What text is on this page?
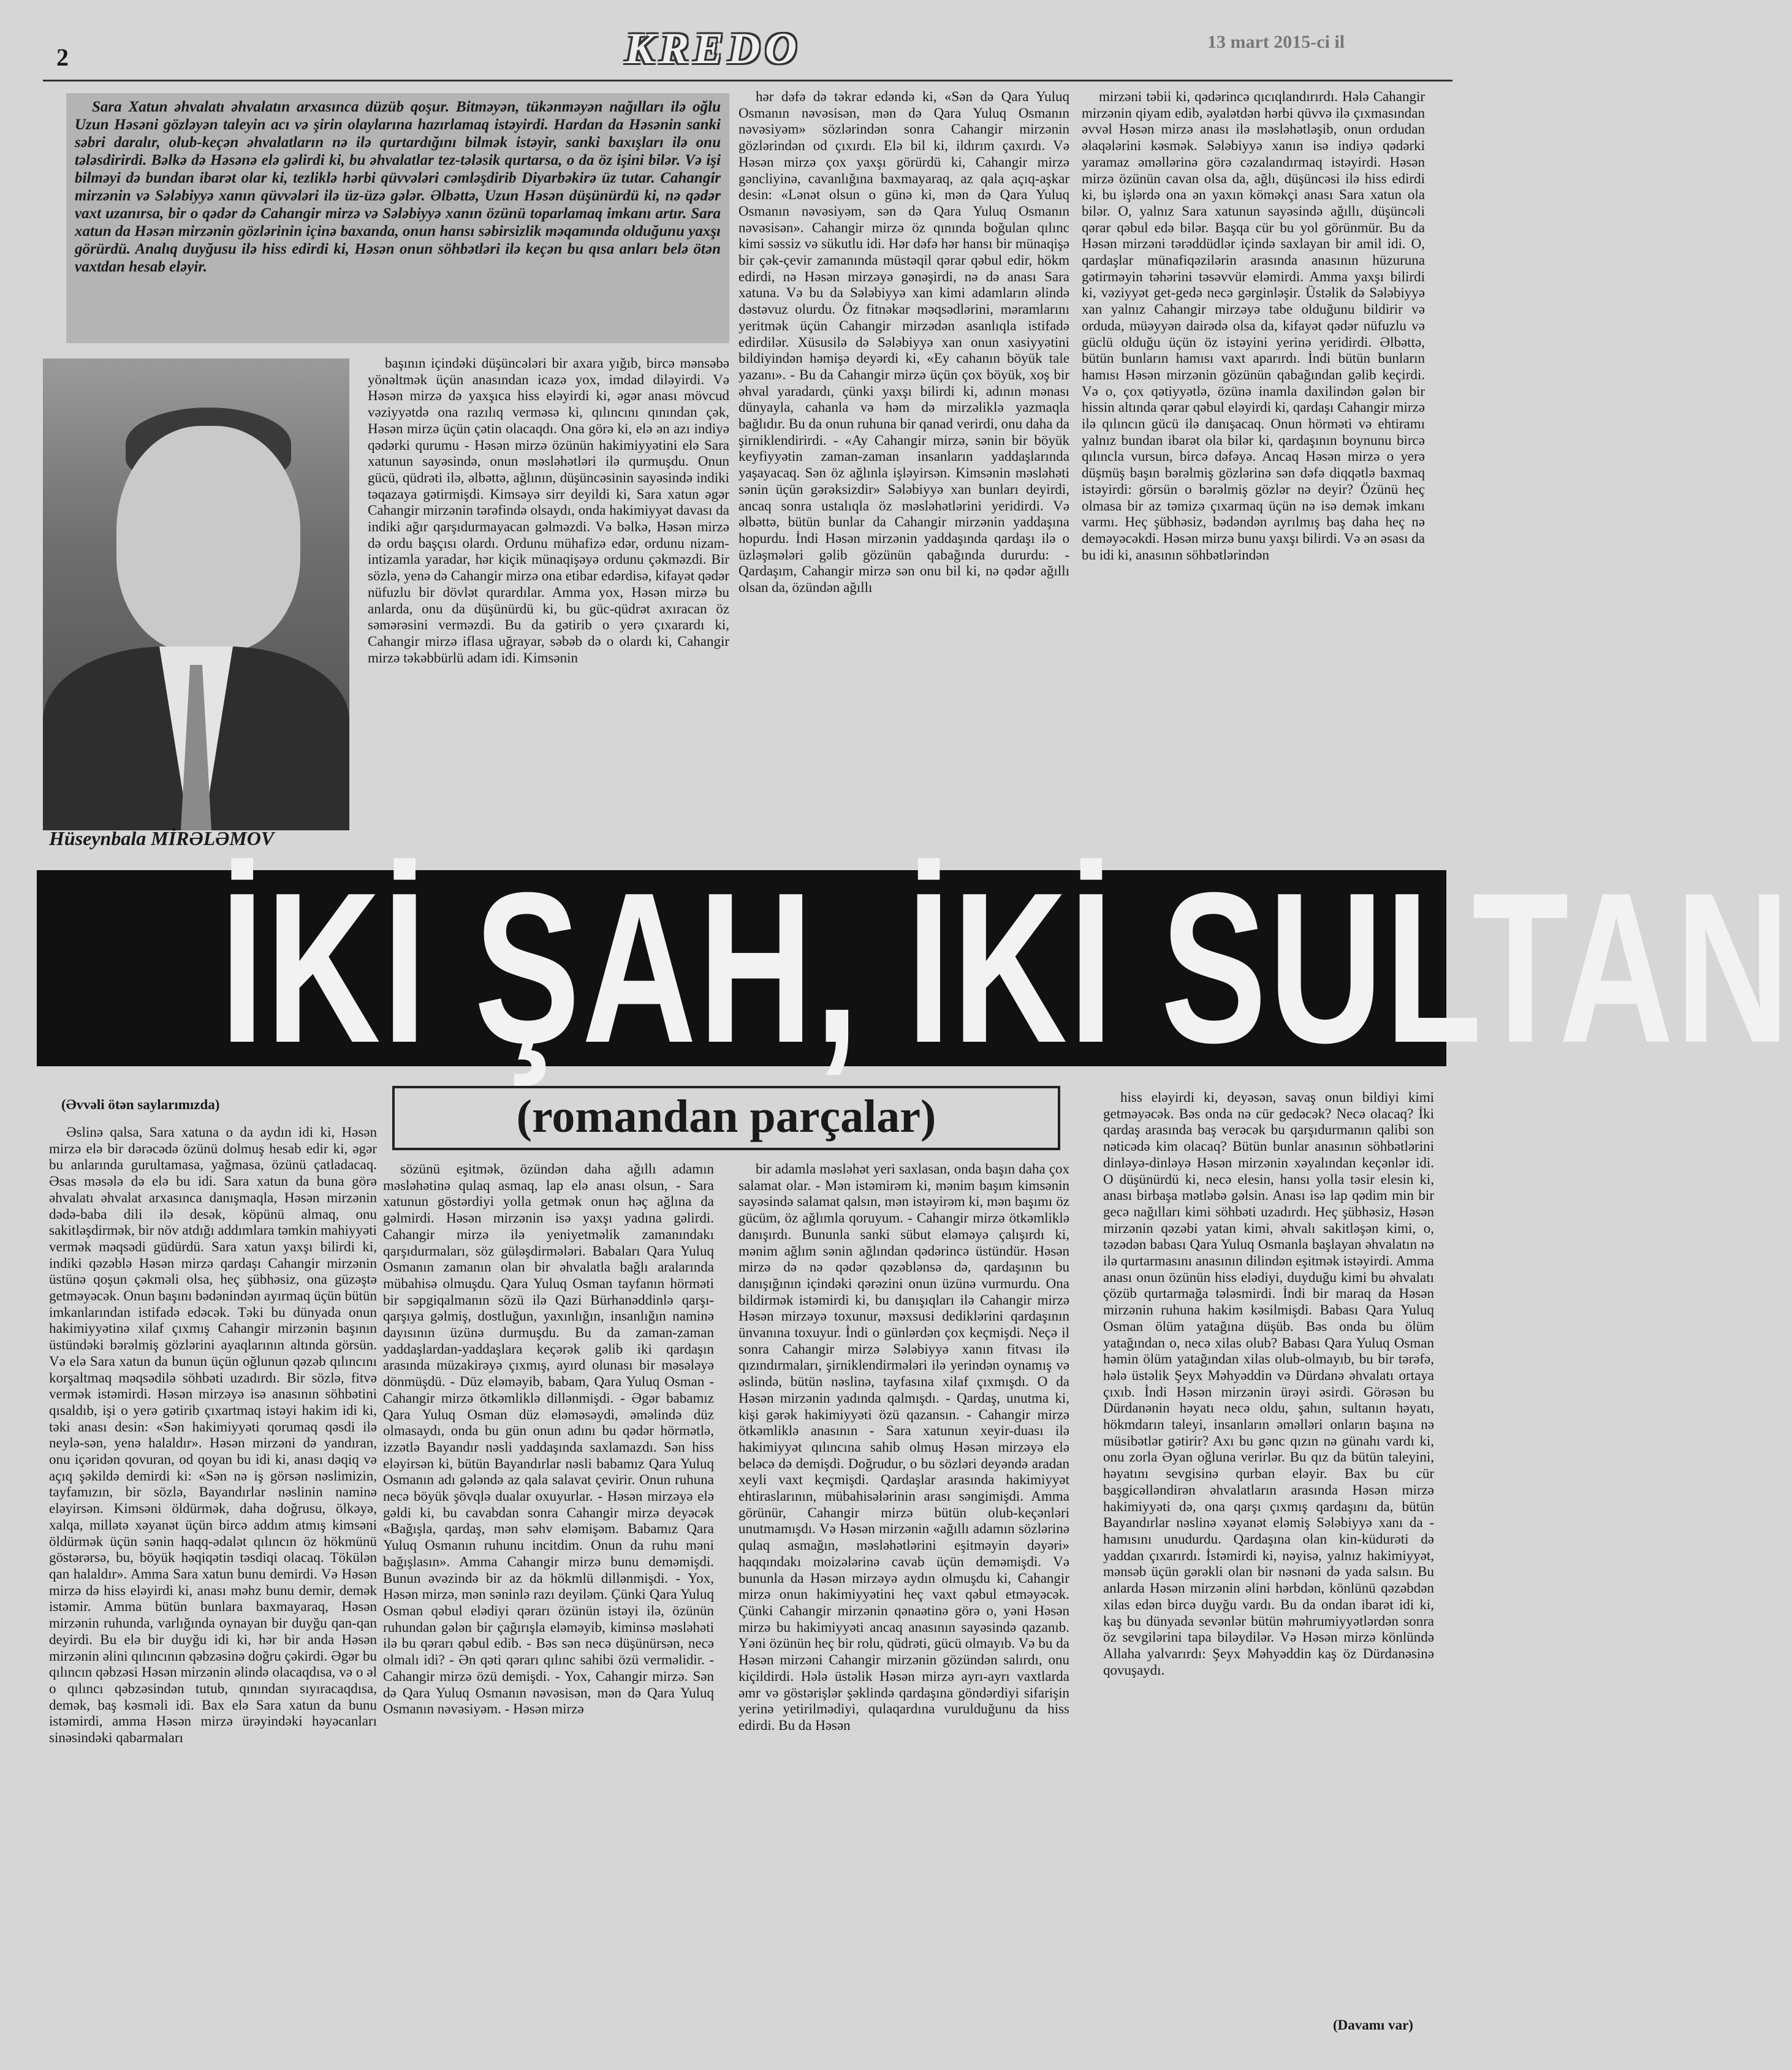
2	KREDO	13 mart 2015-ci il

Sara Xatun əhvalatı əhvalatın arxasınca düzüb qoşur. Bitməyən, tükənməyən nağılları ilə oğlu Uzun Həsəni gözləyən taleyin acı və şirin olaylarına hazırlamaq istəyirdi. Hardan da Həsənin sanki səbri daralır, olub-keçən əhvalatların nə ilə qurtardığını bilmək istəyir, sanki baxışları ilə onu tələsdirirdi. Bəlkə də Həsənə elə gəlirdi ki, bu əhvalatlar tez-tələsik qurtarsa, o da öz işini bilər. Və işi bilməyi də bundan ibarət olar ki, tezliklə hərbi qüvvələri cəmləşdirib Diyarbəkirə üz tutar. Cahangir mirzənin və Sələbiyyə xanın qüvvələri ilə üz-üzə gələr. Əlbəttə, Uzun Həsən düşünürdü ki, nə qədər vaxt uzanırsa, bir o qədər də Cahangir mirzə və Sələbiyyə xanın özünü toparlamaq imkanı artır. Sara xatun da Həsən mirzənin gözlərinin içinə baxanda, onun hansı səbirsizlik məqamında olduğunu yaxşı görürdü. Analıq duyğusu ilə hiss edirdi ki, Həsən onun söhbətləri ilə keçən bu qısa anları belə ötən vaxtdan hesab eləyir.

Hüseynbala MİRƏLƏMOV

başının içindəki düşüncələri bir axara yığıb, bircə mənsəbə yönəltmək üçün anasından icazə yox, imdad diləyirdi. Və Həsən mirzə də yaxşıca hiss eləyirdi ki, əgər anası mövcud vəziyyətdə ona razılıq verməsə ki, qılıncını qınından çək, Həsən mirzə üçün çətin olacaqdı. Ona görə ki, elə ən azı indiyə qədərki qurumu - Həsən mirzə özünün hakimiyyətini elə Sara xatunun sayəsində, onun məsləhətləri ilə qurmuşdu. Onun gücü, qüdrəti ilə, əlbəttə, ağlının, düşüncəsinin sayəsində indiki təqazaya gətirmişdi. Kimsəyə sirr deyildi ki, Sara xatun əgər Cahangir mirzənin tərəfində olsaydı, onda hakimiyyət davası da indiki ağır qarşıdurmayacan gəlməzdi. Və bəlkə, Həsən mirzə də ordu başçısı olardı. Ordunu mühafizə edər, ordunu nizam-intizamla yaradar, hər kiçik münaqişəyə ordunu çəkməzdi. Bir sözlə, yenə də Cahangir mirzə ona etibar edərdisə, kifayət qədər nüfuzlu bir dövlət qurardılar. Amma yox, Həsən mirzə bu anlarda, onu da düşünürdü ki, bu güc-qüdrət axıracan öz səmərəsini verməzdi. Bu da gətirib o yerə çıxarardı ki, Cahangir mirzə iflasa uğrayar, səbəb də o olardı ki, Cahangir mirzə təkəbbürlü adam idi. Kimsənin

hər dəfə də təkrar edəndə ki, «Sən də Qara Yuluq Osmanın nəvəsisən, mən də Qara Yuluq Osmanın nəvəsiyəm» sözlərindən sonra Cahangir mirzənin gözlərindən od çıxırdı. Elə bil ki, ildırım çaxırdı. Və Həsən mirzə çox yaxşı görürdü ki, Cahangir mirzə gəncliyinə, cavanlığına baxmayaraq, az qala açıq-aşkar desin: «Lənət olsun o günə ki, mən də Qara Yuluq Osmanın nəvəsiyəm, sən də Qara Yuluq Osmanın nəvəsisən». Cahangir mirzə öz qınında boğulan qılınc kimi səssiz və sükutlu idi. Hər dəfə hər hansı bir münaqişə bir çək-çevir zamanında müstəqil qərar qəbul edir, hökm edirdi, nə Həsən mirzəyə gənəşirdi, nə də anası Sara xatuna. Və bu da Sələbiyyə xan kimi adamların əlində dəstəvuz olurdu. Öz fitnəkar məqsədlərini, məramlarını yeritmək üçün Cahangir mirzədən asanlıqla istifadə edirdilər. Xüsusilə də Sələbiyyə xan onun xasiyyətini bildiyindən həmişə deyərdi ki, «Ey cahanın böyük tale yazanı». - Bu da Cahangir mirzə üçün çox böyük, xoş bir əhval yaradardı, çünki yaxşı bilirdi ki, adının mənası dünyayla, cahanla və həm də mirzəliklə yazmaqla bağlıdır. Bu da onun ruhuna bir qanad verirdi, onu daha da şirniklendirirdi. - «Ay Cahangir mirzə, sənin bir böyük keyfiyyətin zaman-zaman insanların yaddaşlarında yaşayacaq. Sən öz ağlınla işləyirsən. Kimsənin məsləhəti sənin üçün gərəksizdir» Sələbiyyə xan bunları deyirdi, ancaq sonra ustalıqla öz məsləhətlərini yeridirdi. Və əlbəttə, bütün bunlar da Cahangir mirzənin yaddaşına hopurdu. İndi Həsən mirzənin yaddaşında qardaşı ilə o üzləşmələri gəlib gözünün qabağında dururdu: - Qardaşım, Cahangir mirzə sən onu bil ki, nə qədər ağıllı olsan da, özündən ağıllı

mirzəni təbii ki, qədərincə qıcıqlandırırdı. Hələ Cahangir mirzənin qiyam edib, əyalətdən hərbi qüvvə ilə çıxmasından əvvəl Həsən mirzə anası ilə məsləhətləşib, onun ordudan əlaqələrini kəsmək. Sələbiyyə xanın isə indiyə qədərki yaramaz əməllərinə görə cəzalandırmaq istəyirdi. Həsən mirzə özünün cavan olsa da, ağlı, düşüncəsi ilə hiss edirdi ki, bu işlərdə ona ən yaxın köməkçi anası Sara xatun ola bilər. O, yalnız Sara xatunun sayəsində ağıllı, düşüncəli qərar qəbul edə bilər. Başqa cür bu yol görünmür. Bu da Həsən mirzəni tərəddüdlər içində saxlayan bir amil idi. O, qardaşlar münafiqəzilərin arasında anasının hüzuruna gətirməyin təhərini təsəvvür eləmirdi. Amma yaxşı bilirdi ki, vəziyyət get-gedə necə gərginləşir. Üstəlik də Sələbiyyə xan yalnız Cahangir mirzəyə tabe olduğunu bildirir və orduda, müəyyən dairədə olsa da, kifayət qədər nüfuzlu və güclü olduğu üçün öz istəyini yerinə yeridirdi. Əlbəttə, bütün bunların hamısı vaxt aparırdı. İndi bütün bunların hamısı Həsən mirzənin gözünün qabağından gəlib keçirdi. Və o, çox qətiyyətlə, özünə inamla daxilindən gələn bir hissin altında qərar qəbul eləyirdi ki, qardaşı Cahangir mirzə ilə qılıncın gücü ilə danışacaq. Onun hörməti və ehtiramı yalnız bundan ibarət ola bilər ki, qardaşının boynunu bircə qılıncla vursun, bircə dəfəyə. Ancaq Həsən mirzə o yerə düşmüş başın bərəlmiş gözlərinə sən dəfə diqqətlə baxmaq istəyirdi: görsün o bərəlmiş gözlər nə deyir? Özünü heç olmasa bir az təmizə çıxarmaq üçün nə isə demək imkanı varmı. Heç şübhəsiz, bədəndən ayrılmış baş daha heç nə deməyəcəkdi. Həsən mirzə bunu yaxşı bilirdi. Və ən əsası da bu idi ki, anasının söhbətlərindən

İKİ ŞAH, İKİ SULTAN
(Əvvəli ötən saylarımızda)	(romandan parçalar)

Əslinə qalsa, Sara xatuna o da aydın idi ki, Həsən mirzə elə bir dərəcədə özünü dolmuş hesab edir ki, əgər bu anlarında gurultamasa, yağmasa, özünü çatladacaq. Əsas məsələ də elə bu idi. Sara xatun da buna görə əhvalatı əhvalat arxasınca danışmaqla, Həsən mirzənin dədə-baba dili ilə desək, köpünü almaq, onu sakitləşdirmək, bir növ atdığı addımlara təmkin mahiyyəti vermək məqsədi güdürdü. Sara xatun yaxşı bilirdi ki, indiki qəzəblə Həsən mirzə qardaşı Cahangir mirzənin üstünə qoşun çəkməli olsa, heç şübhəsiz, ona güzəştə getməyəcək. Onun başını bədənindən ayırmaq üçün bütün imkanlarından istifadə edəcək. Təki bu dünyada onun hakimiyyətinə xilaf çıxmış Cahangir mirzənin başının üstündəki bərəlmiş gözlərini ayaqlarının altında görsün. Və elə Sara xatun da bunun üçün oğlunun qəzəb qılıncını korşaltmaq məqsədilə söhbəti uzadırdı. Bir sözlə, fitvə vermək istəmirdi. Həsən mirzəyə isə anasının söhbətini qısaldıb, işi o yerə gətirib çıxartmaq istəyi hakim idi ki, təki anası desin: «Sən hakimiyyəti qorumaq qəsdi ilə neylə-sən, yenə halaldır». Həsən mirzəni də yandıran, onu içəridən qovuran, od qoyan bu idi ki, anası dəqiq və açıq şəkildə demirdi ki: «Sən nə iş görsən nəslimizin, tayfamızın, bir sözlə, Bayandırlar nəslinin naminə eləyirsən. Kimsəni öldürmək, daha doğrusu, ölkəyə, xalqa, millətə xəyanət üçün bircə addım atmış kimsəni öldürmək üçün sənin haqq-ədalət qılıncın öz hökmünü göstərərsə, bu, böyük həqiqətin təsdiqi olacaq. Tökülən qan halaldır». Amma Sara xatun bunu demirdi. Və Həsən mirzə də hiss eləyirdi ki, anası məhz bunu demir, demək istəmir. Amma bütün bunlara baxmayaraq, Həsən mirzənin ruhunda, varlığında oynayan bir duyğu qan-qan deyirdi. Bu elə bir duyğu idi ki, hər bir anda Həsən mirzənin əlini qılıncının qəbzəsinə doğru çəkirdi. Əgər bu qılıncın qəbzəsi Həsən mirzənin əlində olacaqdısa, və o əl o qılıncı qəbzəsindən tutub, qınından sıyıracaqdısa, demək, baş kəsməli idi. Bax elə Sara xatun da bunu istəmirdi, amma Həsən mirzə ürəyindəki həyəcanları sinəsindəki qabarmaları

sözünü eşitmək, özündən daha ağıllı adamın məsləhətinə qulaq asmaq, lap elə anası olsun, - Sara xatunun göstərdiyi yolla getmək onun həç ağlına da gəlmirdi. Həsən mirzənin isə yaxşı yadına gəlirdi. Cahangir mirzə ilə yeniyetməlik zamanındakı qarşıdurmaları, söz güləşdirmələri. Babaları Qara Yuluq Osmanın zamanın olan bir əhvalatla bağlı aralarında mübahisə olmuşdu. Qara Yuluq Osman tayfanın hörməti bir səpgiqalmanın sözü ilə Qazi Bürhanəddinlə qarşı-qarşıya gəlmiş, dostluğun, yaxınlığın, insanlığın naminə dayısının üzünə durmuşdu. Bu da zaman-zaman yaddaşlardan-yaddaşlara keçərək gəlib iki qardaşın arasında müzakirəyə çıxmış, ayırd olunası bir məsələyə dönmüşdü. - Düz eləməyib, babam, Qara Yuluq Osman - Cahangir mirzə ötkəmliklə dillənmişdi. - Əgər babamız Qara Yuluq Osman düz eləməsəydi, əməlində düz olmasaydı, onda bu gün onun adını bu qədər hörmətlə, izzətlə Bayandır nəsli yaddaşında saxlamazdı. Sən hiss eləyirsən ki, bütün Bayandırlar nəsli babamız Qara Yuluq Osmanın adı gələndə az qala salavat çevirir. Onun ruhuna necə böyük şövqlə dualar oxuyurlar. - Həsən mirzəyə elə gəldi ki, bu cavabdan sonra Cahangir mirzə deyəcək «Bağışla, qardaş, mən səhv eləmişəm. Babamız Qara Yuluq Osmanın ruhunu incitdim. Onun da ruhu məni bağışlasın». Amma Cahangir mirzə bunu deməmişdi. Bunun əvəzində bir az da hökmlü dillənmişdi. - Yox, Həsən mirzə, mən səninlə razı deyiləm. Çünki Qara Yuluq Osman qəbul elədiyi qərarı özünün istəyi ilə, özünün ruhundan gələn bir çağırışla eləməyib, kiminsə məsləhəti ilə bu qərarı qəbul edib. - Bəs sən necə düşünürsən, necə olmalı idi? - Ən qəti qərarı qılınc sahibi özü verməlidir. - Cahangir mirzə özü demişdi. - Yox, Cahangir mirzə. Sən də Qara Yuluq Osmanın nəvəsisən, mən də Qara Yuluq Osmanın nəvəsiyəm. - Həsən mirzə

bir adamla məsləhət yeri saxlasan, onda başın daha çox salamat olar. - Mən istəmirəm ki, mənim başım kimsənin sayəsində salamat qalsın, mən istəyirəm ki, mən başımı öz gücüm, öz ağlımla qoruyum. - Cahangir mirzə ötkəmliklə danışırdı. Bununla sanki sübut eləməyə çalışırdı ki, mənim ağlım sənin ağlından qədərincə üstündür. Həsən mirzə də nə qədər qəzəblənsə də, qardaşının bu danışığının içindəki qərəzini onun üzünə vurmurdu. Ona bildirmək istəmirdi ki, bu danışıqları ilə Cahangir mirzə Həsən mirzəyə toxunur, məxsusi dediklərini qardaşının ünvanına toxuyur. İndi o günlərdən çox keçmişdi. Neçə il sonra Cahangir mirzə Sələbiyyə xanın fitvası ilə qızındırmaları, şirniklendirmələri ilə yerindən oynamış və əslində, bütün nəslinə, tayfasına xilaf çıxmışdı. O da Həsən mirzənin yadında qalmışdı. - Qardaş, unutma ki, kişi gərək hakimiyyəti özü qazansın. - Cahangir mirzə ötkəmliklə anasının - Sara xatunun xeyir-duası ilə hakimiyyət qılıncına sahib olmuş Həsən mirzəyə elə beləcə də demişdi. Doğrudur, o bu sözləri deyəndə aradan xeyli vaxt keçmişdi. Qardaşlar arasında hakimiyyət ehtiraslarının, mübahisələrinin arası səngimişdi. Amma görünür, Cahangir mirzə bütün olub-keçənləri unutmamışdı. Və Həsən mirzənin «ağıllı adamın sözlərinə qulaq asmağın, məsləhətlərini eşitməyin dəyəri» haqqındakı moizələrinə cavab üçün deməmişdi. Və bununla da Həsən mirzəyə aydın olmuşdu ki, Cahangir mirzə onun hakimiyyətini heç vaxt qəbul etməyəcək. Çünki Cahangir mirzənin qənaətinə görə o, yəni Həsən mirzə bu hakimiyyəti ancaq anasının sayəsində qazanıb. Yəni özünün heç bir rolu, qüdrəti, gücü olmayıb. Və bu da Həsən mirzəni Cahangir mirzənin gözündən salırdı, onu kiçildirdi. Hələ üstəlik Həsən mirzə ayrı-ayrı vaxtlarda əmr və göstərişlər şəklində qardaşına göndərdiyi sifarişin yerinə yetirilmədiyi, qulaqardına vurulduğunu da hiss edirdi. Bu da Həsən

hiss eləyirdi ki, deyəsən, savaş onun bildiyi kimi getməyəcək. Bəs onda nə cür gedəcək? Necə olacaq? İki qardaş arasında baş verəcək bu qarşıdurmanın qalibi son nəticədə kim olacaq? Bütün bunlar anasının söhbətlərini dinləyə-dinləyə Həsən mirzənin xəyalından keçənlər idi. O düşünürdü ki, necə elesin, hansı yolla təsir elesin ki, anası birbaşa mətləbə gəlsin. Anası isə lap qədim min bir gecə nağılları kimi söhbəti uzadırdı. Heç şübhəsiz, Həsən mirzənin qəzəbi yatan kimi, əhvalı sakitləşən kimi, o, təzədən babası Qara Yuluq Osmanla başlayan əhvalatın nə ilə qurtarmasını anasının dilindən eşitmək istəyirdi. Amma anası onun özünün hiss elədiyi, duyduğu kimi bu əhvalatı çözüb qurtarmağa tələsmirdi. İndi bir maraq da Həsən mirzənin ruhuna hakim kəsilmişdi. Babası Qara Yuluq Osman ölüm yatağına düşüb. Bəs onda bu ölüm yatağından o, necə xilas olub? Babası Qara Yuluq Osman həmin ölüm yatağından xilas olub-olmayıb, bu bir tərəfə, hələ üstəlik Şeyx Məhyəddin və Dürdanə əhvalatı ortaya çıxıb. İndi Həsən mirzənin ürəyi əsirdi. Görəsən bu Dürdanənin həyatı necə oldu, şahın, sultanın həyatı, hökmdarın taleyi, insanların əməlləri onların başına nə müsibətlər gətirir? Axı bu gənc qızın nə günahı vardı ki, onu zorla Əyan oğluna verirlər. Bu qız da bütün taleyini, həyatını sevgisinə qurban eləyir. Bax bu cür başgicəlləndirən əhvalatların arasında Həsən mirzə hakimiyyəti də, ona qarşı çıxmış qardaşını da, bütün Bayandırlar nəslinə xəyanət eləmiş Sələbiyyə xanı da - hamısını unudurdu. Qardaşına olan kin-küdurəti də yaddan çıxarırdı. İstəmirdi ki, nəyisə, yalnız hakimiyyət, mənsəb üçün gərəkli olan bir nəsnəni də yada salsın. Bu anlarda Həsən mirzənin əlini hərbdən, könlünü qəzəbdən xilas edən bircə duyğu vardı. Bu da ondan ibarət idi ki, kaş bu dünyada sevənlər bütün məhrumiyyətlərdən sonra öz sevgilərini tapa biləydilər. Və Həsən mirzə könlündə Allaha yalvarırdı: Şeyx Məhyəddin kaş öz Dürdanəsinə qovuşaydı.

(Davamı var)
